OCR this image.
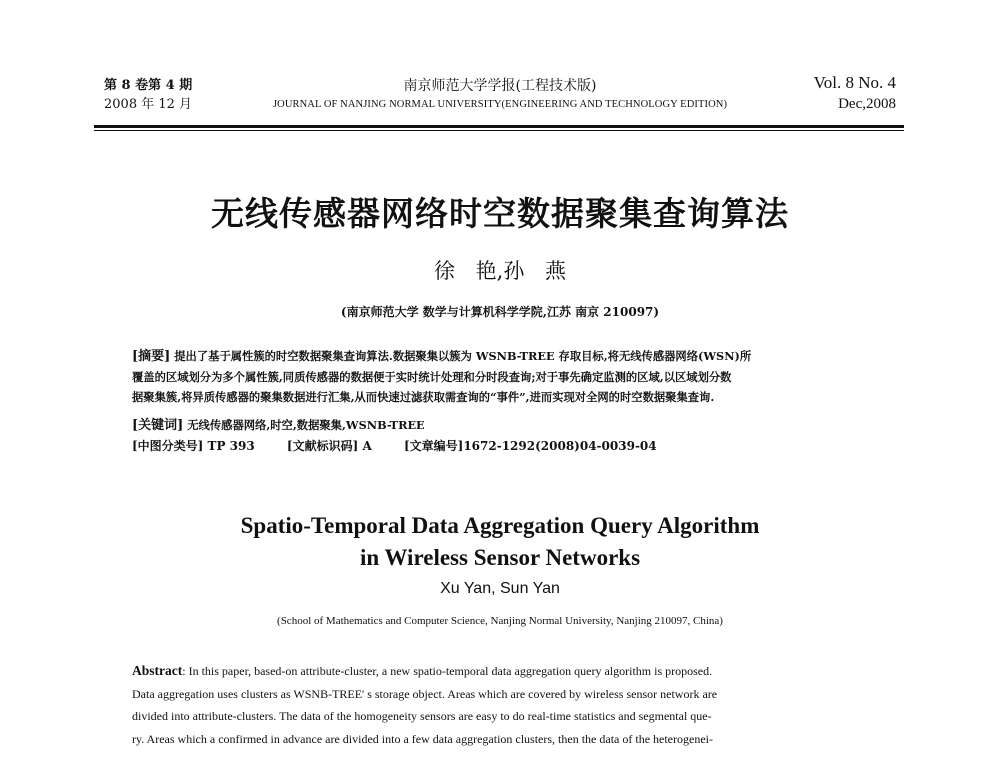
第 8 卷第 4 期
2008 年 12 月
南京师范大学学报(工程技术版)
JOURNAL OF NANJING NORMAL UNIVERSITY(ENGINEERING AND TECHNOLOGY EDITION)
Vol. 8 No. 4
Dec,2008
无线传感器网络时空数据聚集查询算法
徐 艳,孙 燕
(南京师范大学 数学与计算机科学学院,江苏 南京 210097)
[摘要] 提出了基于属性簇的时空数据聚集查询算法.数据聚集以簇为 WSNB-TREE 存取目标,将无线传感器网络(WSN)所
覆盖的区域划分为多个属性簇,同质传感器的数据便于实时统计处理和分时段查询;对于事先确定监测的区域,以区域划分数
据聚集簇,将异质传感器的聚集数据进行汇集,从而快速过滤获取需查询的“事件”,进而实现对全网的时空数据聚集查询.
[关键词] 无线传感器网络,时空,数据聚集,WSNB-TREE
[中图分类号] TP 393	[文献标识码] A	[文章编号]1672-1292(2008)04-0039-04
Spatio-Temporal Data Aggregation Query Algorithm
in Wireless Sensor Networks
Xu Yan, Sun Yan
(School of Mathematics and Computer Science, Nanjing Normal University, Nanjing 210097, China)
Abstract: In this paper, based-on attribute-cluster, a new spatio-temporal data aggregation query algorithm is proposed.
Data aggregation uses clusters as WSNB-TREE' s storage object. Areas which are covered by wireless sensor network are
divided into attribute-clusters. The data of the homogeneity sensors are easy to do real-time statistics and segmental que-
ry. Areas which a confirmed in advance are divided into a few data aggregation clusters, then the data of the heterogenei-
